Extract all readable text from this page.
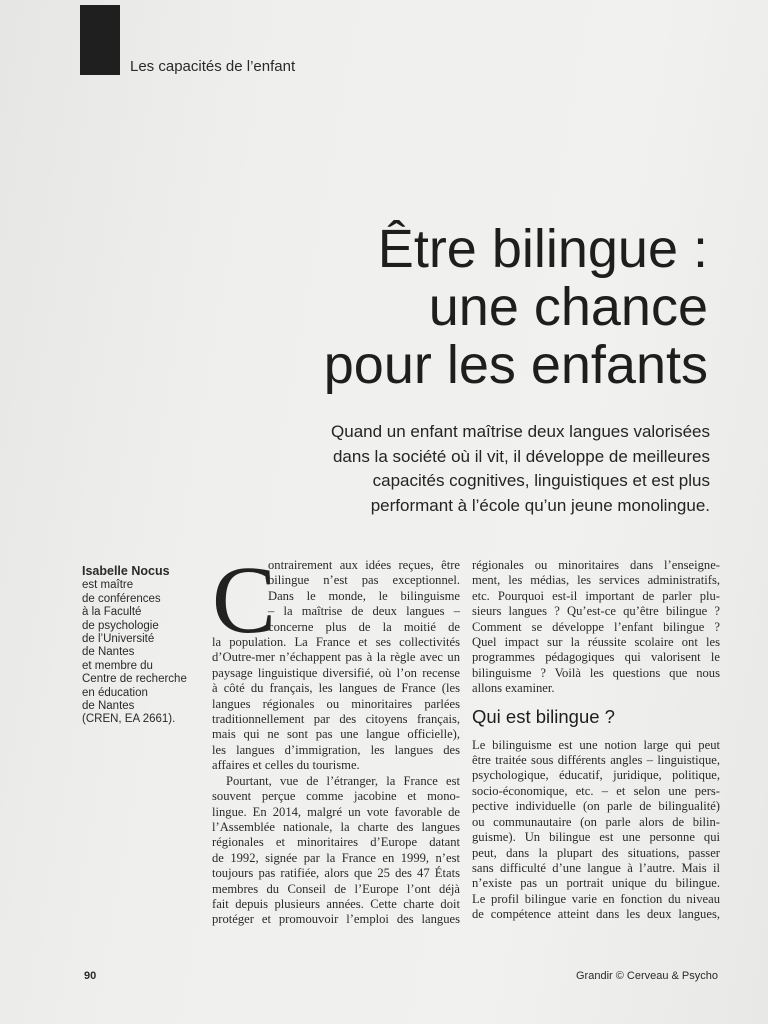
Les capacités de l’enfant
Être bilingue :
une chance
pour les enfants
Quand un enfant maîtrise deux langues valorisées
dans la société où il vit, il développe de meilleures
capacités cognitives, linguistiques et est plus
performant à l’école qu’un jeune monolingue.
Isabelle Nocus
est maître
de conférences
à la Faculté
de psychologie
de l’Université
de Nantes
et membre du
Centre de recherche
en éducation
de Nantes
(CREN, EA 2661).
C
ontrairement aux idées reçues, être
bilingue n’est pas exceptionnel.
Dans le monde, le bilinguisme
– la maîtrise de deux langues –
concerne plus de la moitié de
la population. La France et ses collectivités
d’Outre-mer n’échappent pas à la règle avec un
paysage linguistique diversifié, où l’on recense
à côté du français, les langues de France (les
langues régionales ou minoritaires parlées
traditionnellement par des citoyens français,
mais qui ne sont pas une langue officielle),
les langues d’immigration, les langues des
affaires et celles du tourisme.
Pourtant, vue de l’étranger, la France est
souvent perçue comme jacobine et mono-
lingue. En 2014, malgré un vote favorable de
l’Assemblée nationale, la charte des langues
régionales et minoritaires d’Europe datant
de 1992, signée par la France en 1999, n’est
toujours pas ratifiée, alors que 25 des 47 États
membres du Conseil de l’Europe l’ont déjà
fait depuis plusieurs années. Cette charte doit
protéger et promouvoir l’emploi des langues
régionales ou minoritaires dans l’enseigne-
ment, les médias, les services administratifs,
etc. Pourquoi est-il important de parler plu-
sieurs langues ? Qu’est-ce qu’être bilingue ?
Comment se développe l’enfant bilingue ?
Quel impact sur la réussite scolaire ont les
programmes pédagogiques qui valorisent le
bilinguisme ? Voilà les questions que nous
allons examiner.
Qui est bilingue ?
Le bilinguisme est une notion large qui peut
être traitée sous différents angles – linguistique,
psychologique, éducatif, juridique, politique,
socio-économique, etc. – et selon une pers-
pective individuelle (on parle de bilingualité)
ou communautaire (on parle alors de bilin-
guisme). Un bilingue est une personne qui
peut, dans la plupart des situations, passer
sans difficulté d’une langue à l’autre. Mais il
n’existe pas un portrait unique du bilingue.
Le profil bilingue varie en fonction du niveau
de compétence atteint dans les deux langues,
90	Grandir © Cerveau & Psycho
